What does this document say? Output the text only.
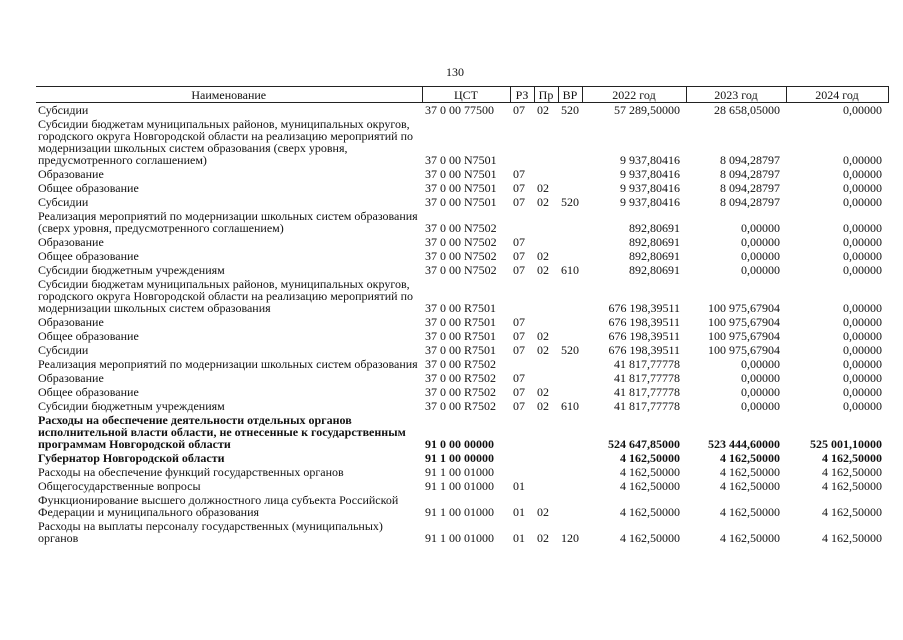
130
Наименование	ЦСТ	РЗ	Пр	ВР	2022 год	2023 год	2024 год
Субсидии	37 0 00 77500	07	02	520	57 289,50000	28 658,05000	0,00000
Субсидии бюджетам муниципальных районов, муниципальных округов, городского округа Новгородской области на реализацию мероприятий по модернизации школьных систем образования (сверх уровня, предусмотренного соглашением)	37 0 00 N7501				9 937,80416	8 094,28797	0,00000
Образование	37 0 00 N7501	07			9 937,80416	8 094,28797	0,00000
Общее образование	37 0 00 N7501	07	02		9 937,80416	8 094,28797	0,00000
Субсидии	37 0 00 N7501	07	02	520	9 937,80416	8 094,28797	0,00000
Реализация мероприятий по модернизации школьных систем образования (сверх уровня, предусмотренного соглашением)	37 0 00 N7502				892,80691	0,00000	0,00000
Образование	37 0 00 N7502	07			892,80691	0,00000	0,00000
Общее образование	37 0 00 N7502	07	02		892,80691	0,00000	0,00000
Субсидии бюджетным учреждениям	37 0 00 N7502	07	02	610	892,80691	0,00000	0,00000
Субсидии бюджетам муниципальных районов, муниципальных округов, городского округа Новгородской области на реализацию мероприятий по модернизации школьных систем образования	37 0 00 R7501				676 198,39511	100 975,67904	0,00000
Образование	37 0 00 R7501	07			676 198,39511	100 975,67904	0,00000
Общее образование	37 0 00 R7501	07	02		676 198,39511	100 975,67904	0,00000
Субсидии	37 0 00 R7501	07	02	520	676 198,39511	100 975,67904	0,00000
Реализация мероприятий по модернизации школьных систем образования	37 0 00 R7502				41 817,77778	0,00000	0,00000
Образование	37 0 00 R7502	07			41 817,77778	0,00000	0,00000
Общее образование	37 0 00 R7502	07	02		41 817,77778	0,00000	0,00000
Субсидии бюджетным учреждениям	37 0 00 R7502	07	02	610	41 817,77778	0,00000	0,00000
Расходы на обеспечение деятельности отдельных органов исполнительной власти области, не отнесенные к государственным программам Новгородской области	91 0 00 00000				524 647,85000	523 444,60000	525 001,10000
Губернатор Новгородской области	91 1 00 00000				4 162,50000	4 162,50000	4 162,50000
Расходы на обеспечение функций государственных органов	91 1 00 01000				4 162,50000	4 162,50000	4 162,50000
Общегосударственные вопросы	91 1 00 01000	01			4 162,50000	4 162,50000	4 162,50000
Функционирование высшего должностного лица субъекта Российской Федерации и муниципального образования	91 1 00 01000	01	02		4 162,50000	4 162,50000	4 162,50000
Расходы на выплаты персоналу государственных (муниципальных) органов	91 1 00 01000	01	02	120	4 162,50000	4 162,50000	4 162,50000
